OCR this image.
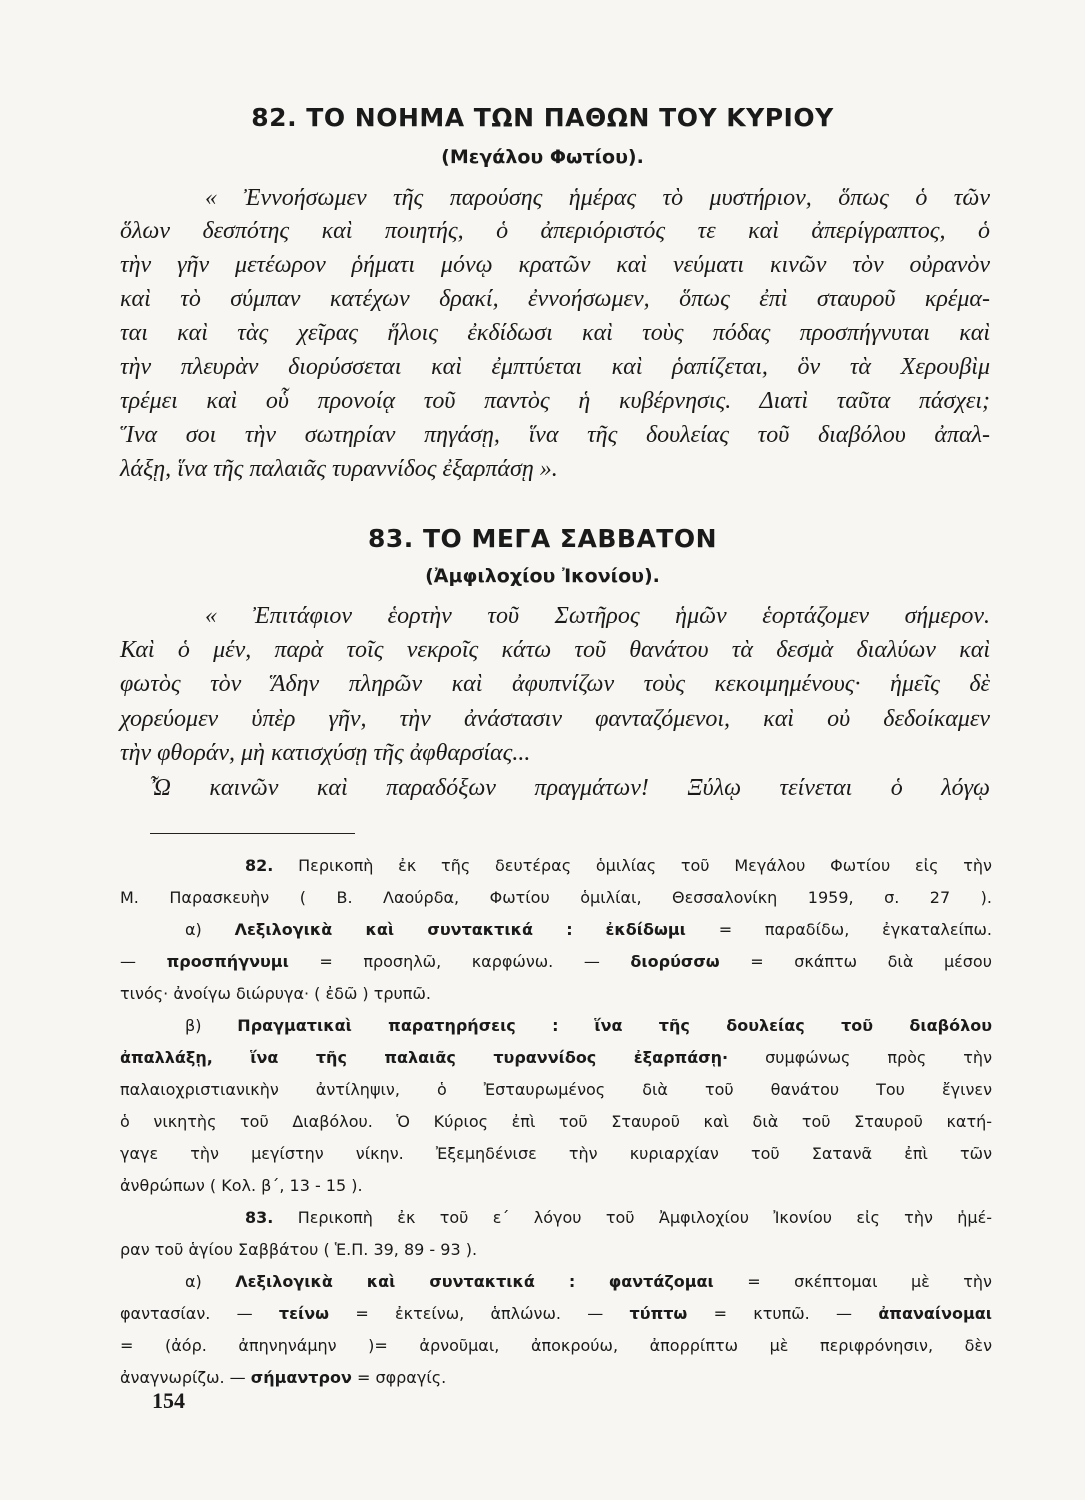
82. ΤΟ ΝΟΗΜΑ ΤΩΝ ΠΑΘΩΝ ΤΟΥ ΚΥΡΙΟΥ
(Μεγάλου Φωτίου).
« Ἐννοήσωμεν τῆς παρούσης ἡμέρας τὸ μυστήριον, ὅπως ὁ τῶν
ὅλων δεσπότης καὶ ποιητής, ὁ ἀπεριόριστός τε καὶ ἀπερίγραπτος, ὁ
τὴν γῆν μετέωρον ῥήματι μόνῳ κρατῶν καὶ νεύματι κινῶν τὸν οὐρανὸν
καὶ τὸ σύμπαν κατέχων δρακί, ἐννοήσωμεν, ὅπως ἐπὶ σταυροῦ κρέμα-
ται καὶ τὰς χεῖρας ἥλοις ἐκδίδωσι καὶ τοὺς πόδας προσπήγνυται καὶ
τὴν πλευρὰν διορύσσεται καὶ ἐμπτύεται καὶ ῥαπίζεται, ὃν τὰ Χερουβὶμ
τρέμει καὶ οὗ προνοίᾳ τοῦ παντὸς ἡ κυβέρνησις. Διατὶ ταῦτα πάσχει;
Ἵνα σοι τὴν σωτηρίαν πηγάσῃ, ἵνα τῆς δουλείας τοῦ διαβόλου ἀπαλ-
λάξῃ, ἵνα τῆς παλαιᾶς τυραννίδος ἐξαρπάσῃ ».
83. ΤΟ ΜΕΓΑ ΣΑΒΒΑΤΟΝ
(Ἀμφιλοχίου Ἰκονίου).
« Ἐπιτάφιον ἑορτὴν τοῦ Σωτῆρος ἡμῶν ἑορτάζομεν σήμερον.
Καὶ ὁ μέν, παρὰ τοῖς νεκροῖς κάτω τοῦ θανάτου τὰ δεσμὰ διαλύων καὶ
φωτὸς τὸν Ἅδην πληρῶν καὶ ἀφυπνίζων τοὺς κεκοιμημένους· ἡμεῖς δὲ
χορεύομεν ὑπὲρ γῆν, τὴν ἀνάστασιν φανταζόμενοι, καὶ οὐ δεδοίκαμεν
τὴν φθοράν, μὴ κατισχύσῃ τῆς ἀφθαρσίας...
Ὦ καινῶν καὶ παραδόξων πραγμάτων! Ξύλῳ τείνεται ὁ λόγῳ
82. Περικοπὴ ἐκ τῆς δευτέρας ὁμιλίας τοῦ Μεγάλου Φωτίου εἰς τὴν
Μ. Παρασκευὴν ( Β. Λαούρδα, Φωτίου ὁμιλίαι, Θεσσαλονίκη 1959, σ. 27 ).
α) Λεξιλογικὰ καὶ συντακτικά : ἐκδίδωμι = παραδίδω, ἐγκαταλείπω.
— προσπήγνυμι = προσηλῶ, καρφώνω. — διορύσσω = σκάπτω διὰ μέσου
τινός· ἀνοίγω διώρυγα· ( ἐδῶ ) τρυπῶ.
β) Πραγματικαὶ παρατηρήσεις : ἵνα τῆς δουλείας τοῦ διαβόλου
ἀπαλλάξῃ, ἵνα τῆς παλαιᾶς τυραννίδος ἐξαρπάσῃ· συμφώνως πρὸς τὴν
παλαιοχριστιανικὴν ἀντίληψιν, ὁ Ἐσταυρωμένος διὰ τοῦ θανάτου Του ἔγινεν
ὁ νικητὴς τοῦ Διαβόλου. Ὁ Κύριος ἐπὶ τοῦ Σταυροῦ καὶ διὰ τοῦ Σταυροῦ κατή-
γαγε τὴν μεγίστην νίκην. Ἐξεμηδένισε τὴν κυριαρχίαν τοῦ Σατανᾶ ἐπὶ τῶν
ἀνθρώπων ( Κολ. β΄, 13 - 15 ).
83. Περικοπὴ ἐκ τοῦ ε΄ λόγου τοῦ Ἀμφιλοχίου Ἰκονίου εἰς τὴν ἡμέ-
ραν τοῦ ἁγίου Σαββάτου ( Ἑ.Π. 39, 89 - 93 ).
α) Λεξιλογικὰ καὶ συντακτικά : φαντάζομαι = σκέπτομαι μὲ τὴν
φαντασίαν. — τείνω = ἐκτείνω, ἁπλώνω. — τύπτω = κτυπῶ. — ἀπαναίνομαι
= (ἀόρ. ἀπηνηνάμην )= ἀρνοῦμαι, ἀποκρούω, ἀπορρίπτω μὲ περιφρόνησιν, δὲν
ἀναγνωρίζω. — σήμαντρον = σφραγίς.
154
